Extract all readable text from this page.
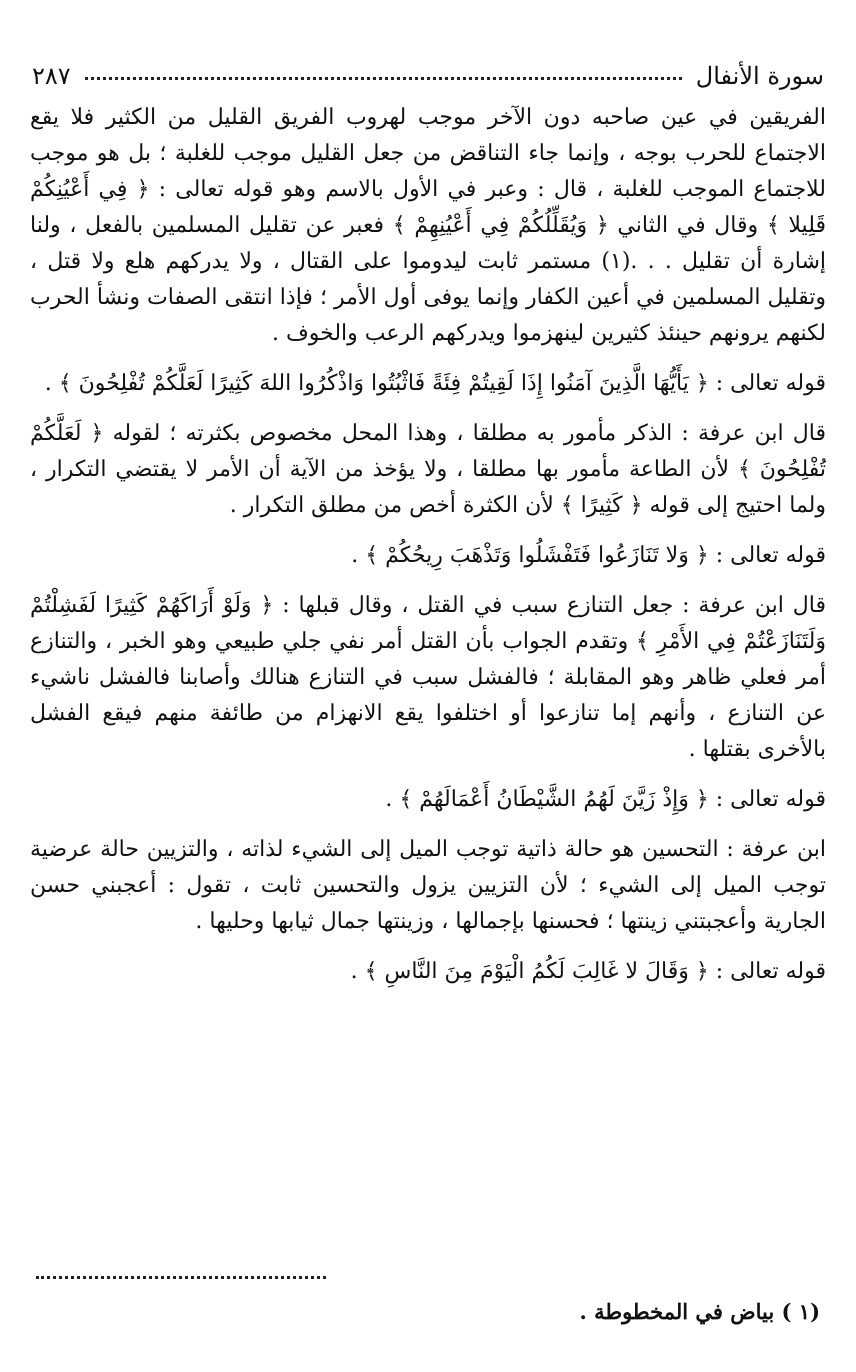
سورة الأنفال
٢٨٧

الفريقين في عين صاحبه دون الآخر موجب لهروب الفريق القليل من الكثير فلا يقع الاجتماع للحرب بوجه ، وإنما جاء التناقض من جعل القليل موجب للغلبة ؛ بل هو موجب للاجتماع الموجب للغلبة ، قال : وعبر في الأول بالاسم وهو قوله تعالى : ﴿ فِي أَعْيُنِكُمْ قَلِيلا ﴾ وقال في الثاني ﴿ وَيُقَلِّلُكُمْ فِي أَعْيُنِهِمْ ﴾ فعبر عن تقليل المسلمين بالفعل ، ولنا إشارة أن تقليل . . .(١) مستمر ثابت ليدوموا على القتال ، ولا يدركهم هلع ولا قتل ، وتقليل المسلمين في أعين الكفار وإنما يوفى أول الأمر ؛ فإذا انتقى الصفات ونشأ الحرب لكنهم يرونهم حينئذ كثيرين لينهزموا ويدركهم الرعب والخوف .

قوله تعالى : ﴿ يَأَيُّهَا الَّذِينَ آمَنُوا إِذَا لَقِيتُمْ فِئَةً فَاثْبُتُوا وَاذْكُرُوا اللهَ كَثِيرًا لَعَلَّكُمْ تُفْلِحُونَ ﴾ .

قال ابن عرفة : الذكر مأمور به مطلقا ، وهذا المحل مخصوص بكثرته ؛ لقوله ﴿ لَعَلَّكُمْ تُفْلِحُونَ ﴾ لأن الطاعة مأمور بها مطلقا ، ولا يؤخذ من الآية أن الأمر لا يقتضي التكرار ، ولما احتيج إلى قوله ﴿ كَثِيرًا ﴾ لأن الكثرة أخص من مطلق التكرار .

قوله تعالى : ﴿ وَلا تَنَازَعُوا فَتَفْشَلُوا وَتَذْهَبَ رِيحُكُمْ ﴾ .

قال ابن عرفة : جعل التنازع سبب في القتل ، وقال قبلها : ﴿ وَلَوْ أَرَاكَهُمْ كَثِيرًا لَفَشِلْتُمْ وَلَتَنَازَعْتُمْ فِي الأَمْرِ ﴾ وتقدم الجواب بأن القتل أمر نفي جلي طبيعي وهو الخبر ، والتنازع أمر فعلي ظاهر وهو المقابلة ؛ فالفشل سبب في التنازع هنالك وأصابنا فالفشل ناشيء عن التنازع ، وأنهم إما تنازعوا أو اختلفوا يقع الانهزام من طائفة منهم فيقع الفشل بالأخرى بقتلها .

قوله تعالى : ﴿ وَإِذْ زَيَّنَ لَهُمُ الشَّيْطَانُ أَعْمَالَهُمْ ﴾ .

ابن عرفة : التحسين هو حالة ذاتية توجب الميل إلى الشيء لذاته ، والتزيين حالة عرضية توجب الميل إلى الشيء ؛ لأن التزيين يزول والتحسين ثابت ، تقول : أعجبني حسن الجارية وأعجبتني زينتها ؛ فحسنها بإجمالها ، وزينتها جمال ثيابها وحليها .

قوله تعالى : ﴿ وَقَالَ لا غَالِبَ لَكُمُ الْيَوْمَ مِنَ النَّاسِ ﴾ .

(١ ) بياض في المخطوطة .
